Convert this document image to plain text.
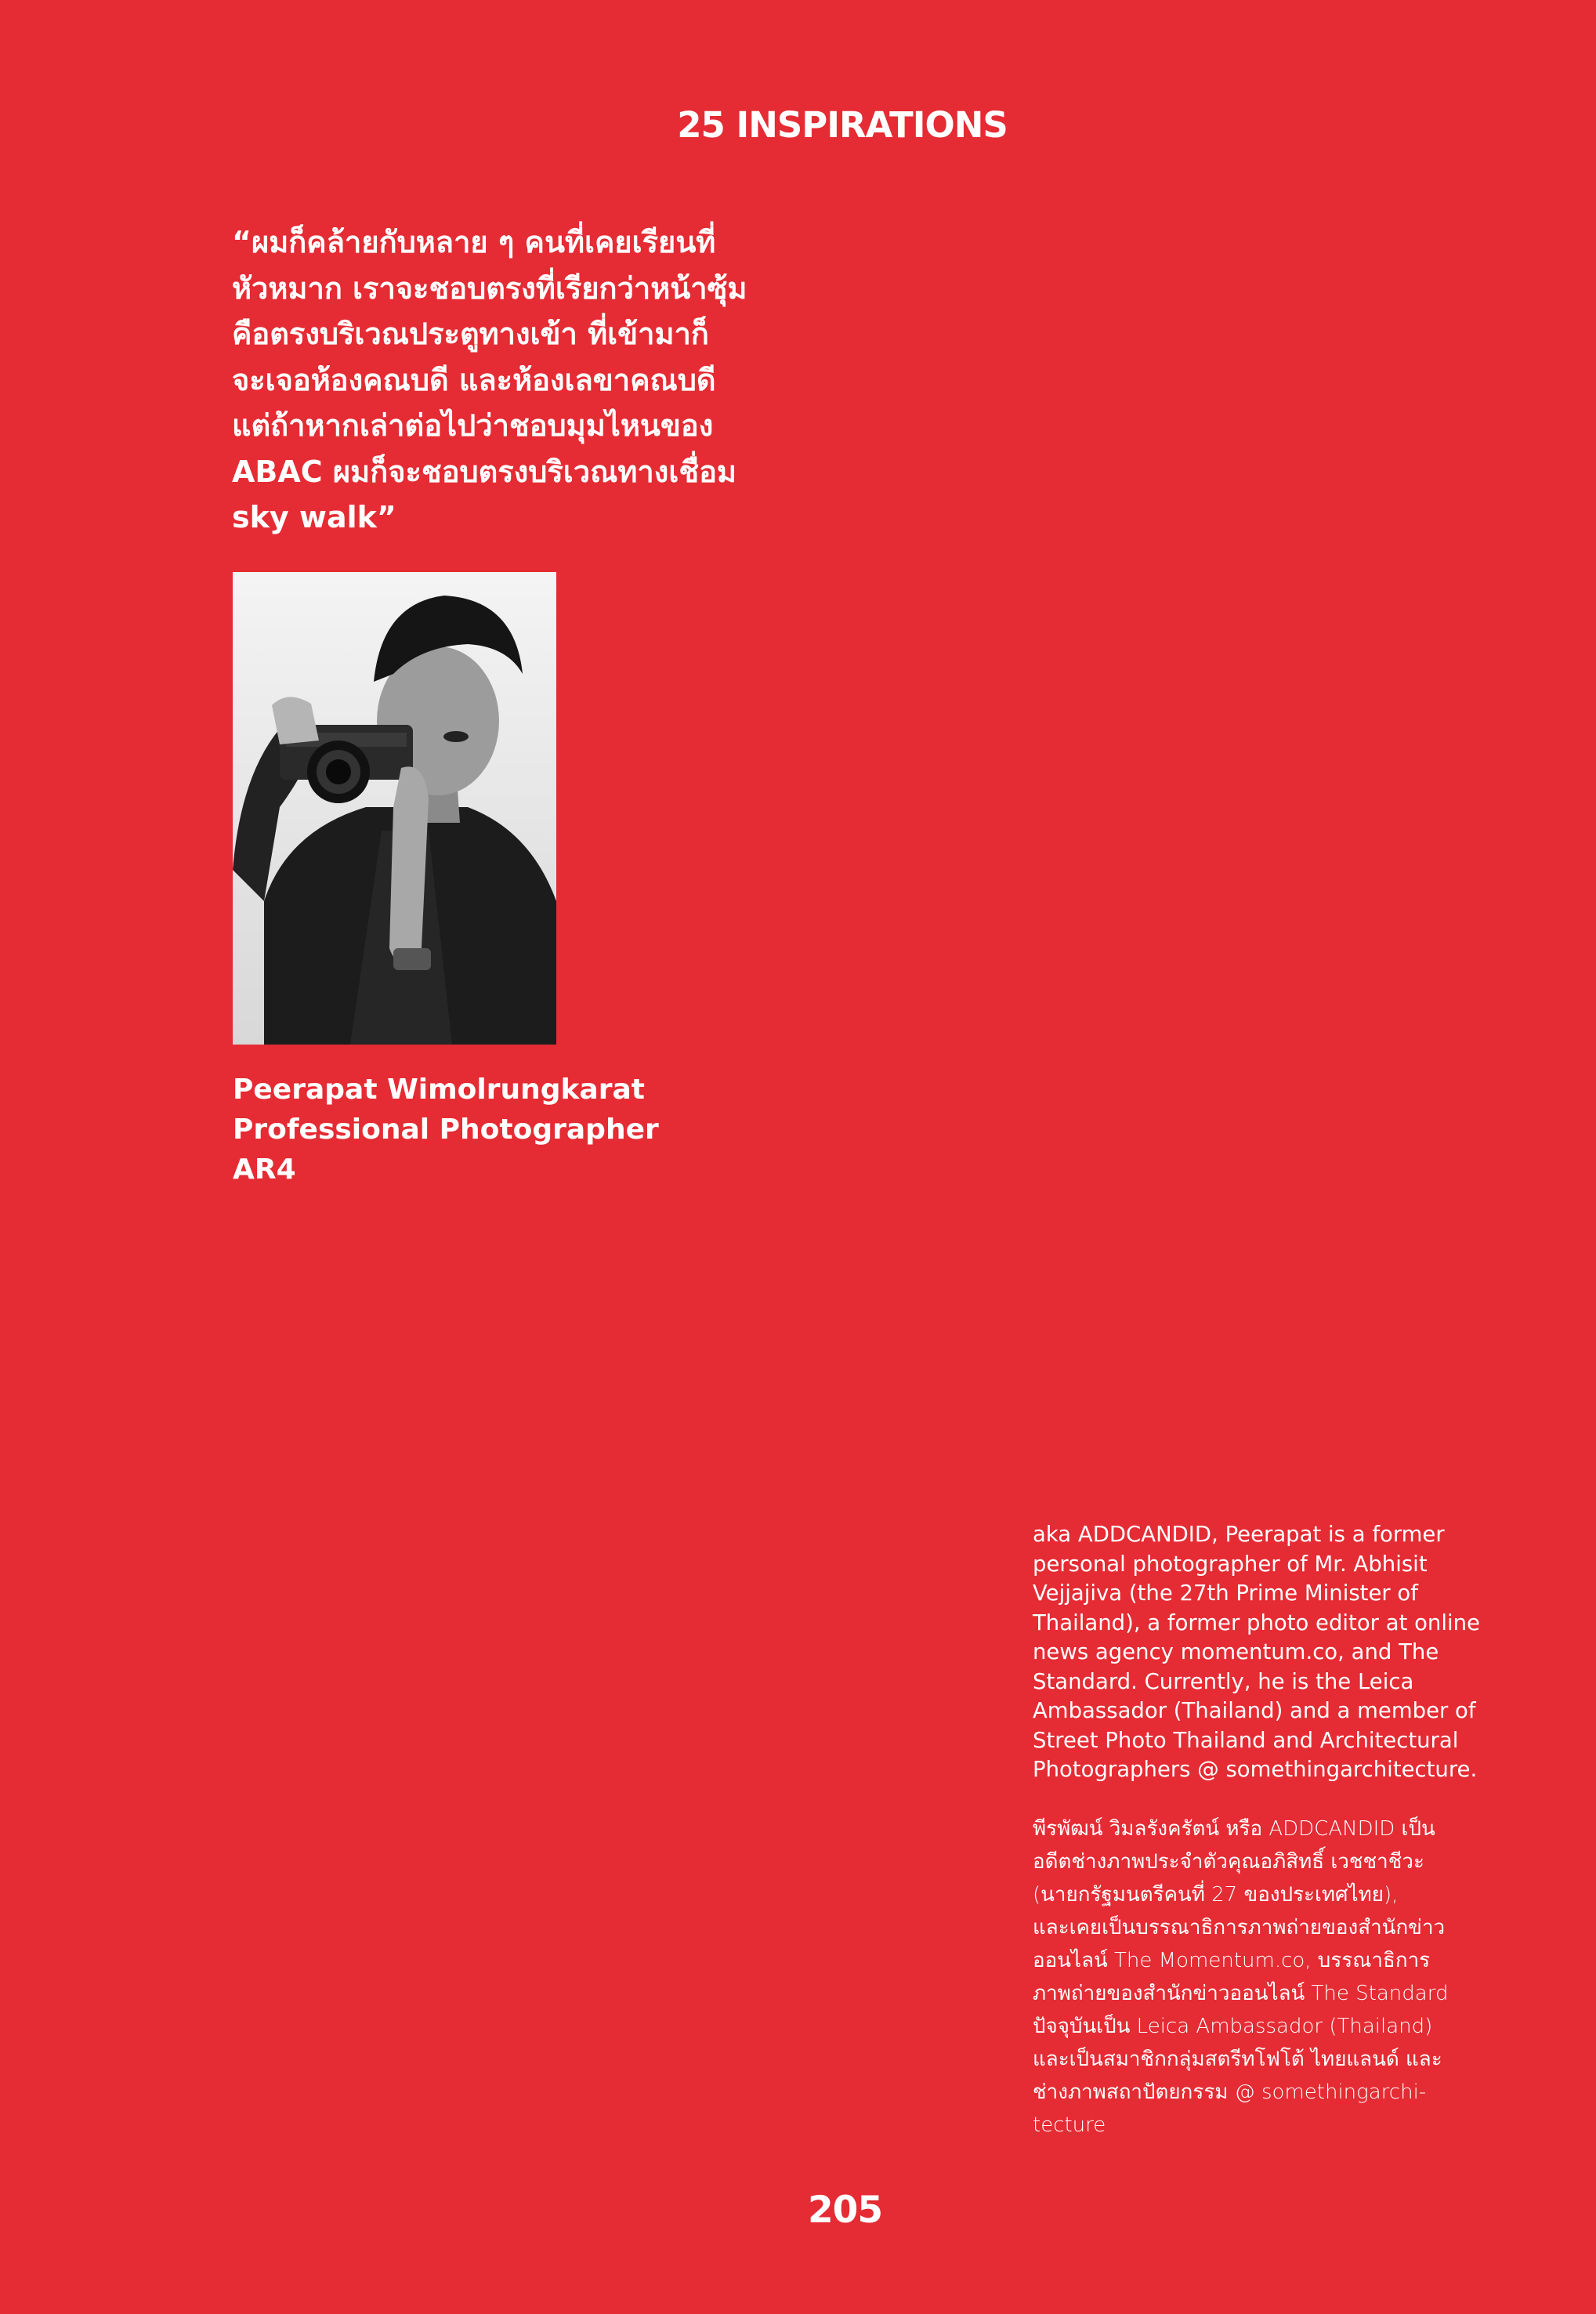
25 INSPIRATIONS
“ผมก็คล้ายกับหลาย ๆ คนที่เคยเรียนที่
หัวหมาก เราจะชอบตรงที่เรียกว่าหน้าซุ้ม
คือตรงบริเวณประตูทางเข้า ที่เข้ามาก็
จะเจอห้องคณบดี และห้องเลขาคณบดี
แต่ถ้าหากเล่าต่อไปว่าชอบมุมไหนของ
ABAC ผมก็จะชอบตรงบริเวณทางเชื่อม
sky walk”
Peerapat Wimolrungkarat
Professional Photographer
AR4
aka ADDCANDID, Peerapat is a former
personal photographer of Mr. Abhisit
Vejjajiva (the 27th Prime Minister of
Thailand), a former photo editor at online
news agency momentum.co, and The
Standard. Currently, he is the Leica
Ambassador (Thailand) and a member of
Street Photo Thailand and Architectural
Photographers @ somethingarchitecture.
พีรพัฒน์ วิมลรังครัตน์ หรือ ADDCANDID เป็น
อดีตช่างภาพประจำตัวคุณอภิสิทธิ์ เวชชาชีวะ
(นายกรัฐมนตรีคนที่ 27 ของประเทศไทย),
และเคยเป็นบรรณาธิการภาพถ่ายของสำนักข่าว
ออนไลน์ The Momentum.co, บรรณาธิการ
ภาพถ่ายของสำนักข่าวออนไลน์ The Standard
ปัจจุบันเป็น Leica Ambassador (Thailand)
และเป็นสมาชิกกลุ่มสตรีทโฟโต้ ไทยแลนด์ และ
ช่างภาพสถาปัตยกรรม @ somethingarchi-
tecture
205
